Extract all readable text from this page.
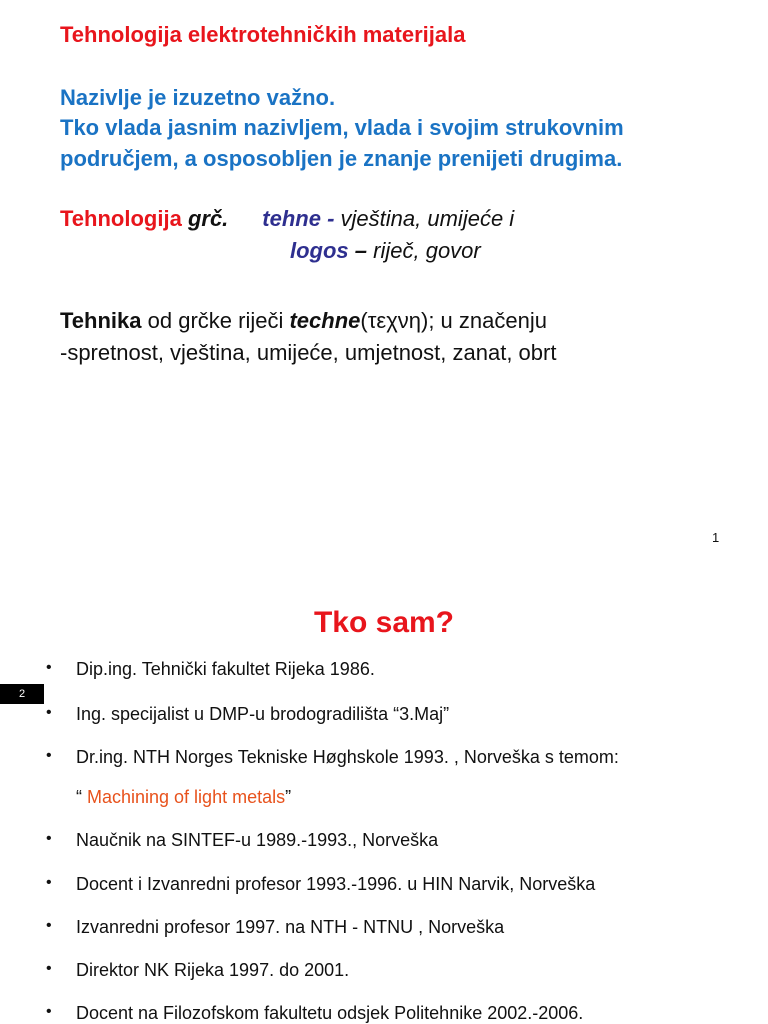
Tehnologija elektrotehničkih materijala
Nazivlje je izuzetno važno.
Tko vlada jasnim nazivljem, vlada i svojim strukovnim
područjem, a osposobljen je znanje prenijeti drugima.
Tehnologija grč. tehne - vještina, umijeće i
logos – riječ, govor
Tehnika od grčke riječi techne(τεχνη); u značenju
-spretnost, vještina, umijeće, umjetnost, zanat, obrt
1
Tko sam?
2
• Dip.ing. Tehnički fakultet Rijeka 1986.
• Ing. specijalist u DMP-u brodogradilišta “3.Maj”
• Dr.ing. NTH Norges Tekniske Høghskole 1993. , Norveška s temom:
“ Machining of light metals”
• Naučnik na SINTEF-u 1989.-1993., Norveška
• Docent i Izvanredni profesor 1993.-1996. u HIN Narvik, Norveška
• Izvanredni profesor 1997. na NTH - NTNU , Norveška
• Direktor NK Rijeka 1997. do 2001.
• Docent na Filozofskom fakultetu odsjek Politehnike 2002.-2006.
